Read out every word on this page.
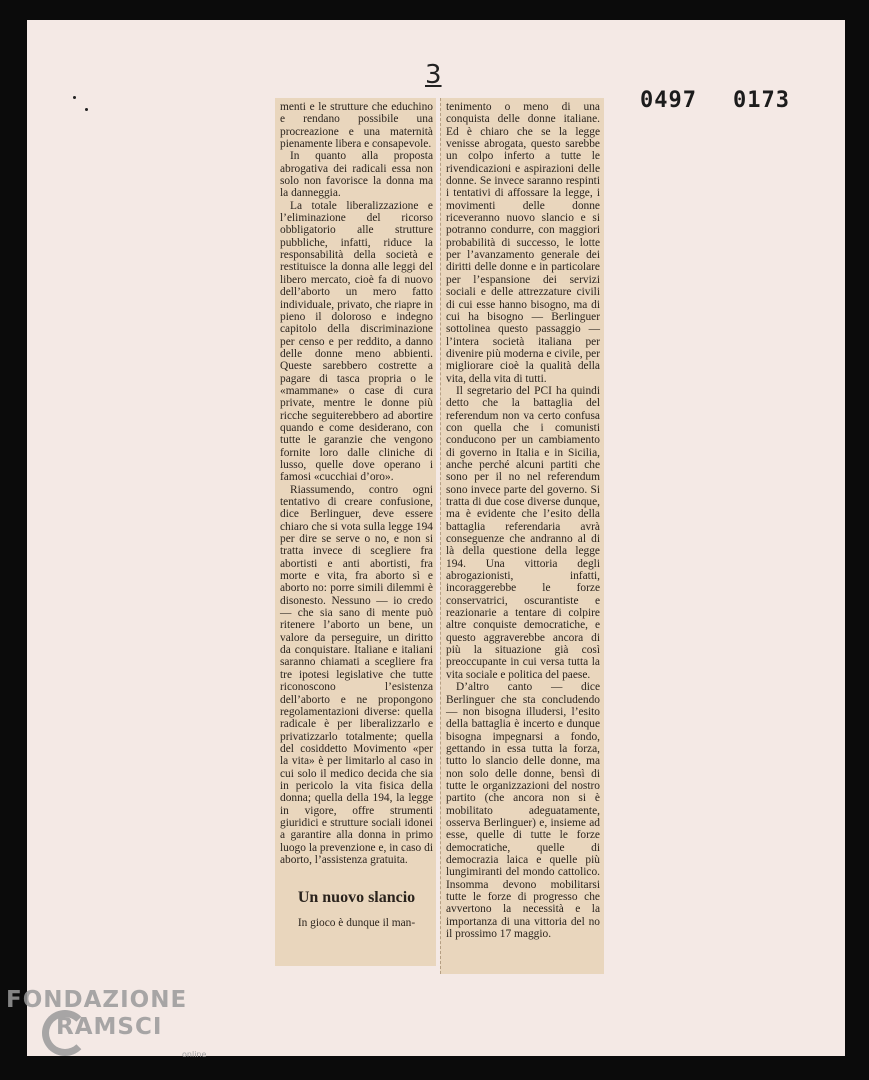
3
0497 0173

menti e le strutture che educhino e rendano possibile una procreazione e una maternità pienamente libera e consapevole.

In quanto alla proposta abrogativa dei radicali essa non solo non favorisce la donna ma la danneggia.

La totale liberalizzazione e l’eliminazione del ricorso obbligatorio alle strutture pubbliche, infatti, riduce la responsabilità della società e restituisce la donna alle leggi del libero mercato, cioè fa di nuovo dell’aborto un mero fatto individuale, privato, che riapre in pieno il doloroso e indegno capitolo della discriminazione per censo e per reddito, a danno delle donne meno abbienti. Queste sarebbero costrette a pagare di tasca propria o le «mammane» o case di cura private, mentre le donne più ricche seguiterebbero ad abortire quando e come desiderano, con tutte le garanzie che vengono fornite loro dalle cliniche di lusso, quelle dove operano i famosi «cucchiai d’oro».

Riassumendo, contro ogni tentativo di creare confusione, dice Berlinguer, deve essere chiaro che si vota sulla legge 194 per dire se serve o no, e non si tratta invece di scegliere fra abortisti e anti abortisti, fra morte e vita, fra aborto sì e aborto no: porre simili dilemmi è disonesto. Nessuno — io credo — che sia sano di mente può ritenere l’aborto un bene, un valore da perseguire, un diritto da conquistare. Italiane e italiani saranno chiamati a scegliere fra tre ipotesi legislative che tutte riconoscono l’esistenza dell’aborto e ne propongono regolamentazioni diverse: quella radicale è per liberalizzarlo e privatizzarlo totalmente; quella del cosiddetto Movimento «per la vita» è per limitarlo al caso in cui solo il medico decida che sia in pericolo la vita fisica della donna; quella della 194, la legge in vigore, offre strumenti giuridici e strutture sociali idonei a garantire alla donna in primo luogo la prevenzione e, in caso di aborto, l’assistenza gratuita.

Un nuovo slancio

In gioco è dunque il man-

tenimento o meno di una conquista delle donne italiane. Ed è chiaro che se la legge venisse abrogata, questo sarebbe un colpo inferto a tutte le rivendicazioni e aspirazioni delle donne. Se invece saranno respinti i tentativi di affossare la legge, i movimenti delle donne riceveranno nuovo slancio e si potranno condurre, con maggiori probabilità di successo, le lotte per l’avanzamento generale dei diritti delle donne e in particolare per l’espansione dei servizi sociali e delle attrezzature civili di cui esse hanno bisogno, ma di cui ha bisogno — Berlinguer sottolinea questo passaggio — l’intera società italiana per divenire più moderna e civile, per migliorare cioè la qualità della vita, della vita di tutti.

Il segretario del PCI ha quindi detto che la battaglia del referendum non va certo confusa con quella che i comunisti conducono per un cambiamento di governo in Italia e in Sicilia, anche perché alcuni partiti che sono per il no nel referendum sono invece parte del governo. Si tratta di due cose diverse dunque, ma è evidente che l’esito della battaglia referendaria avrà conseguenze che andranno al di là della questione della legge 194. Una vittoria degli abrogazionisti, infatti, incoraggerebbe le forze conservatrici, oscurantiste e reazionarie a tentare di colpire altre conquiste democratiche, e questo aggraverebbe ancora di più la situazione già così preoccupante in cui versa tutta la vita sociale e politica del paese.

D’altro canto — dice Berlinguer che sta concludendo — non bisogna illudersi, l’esito della battaglia è incerto e dunque bisogna impegnarsi a fondo, gettando in essa tutta la forza, tutto lo slancio delle donne, ma non solo delle donne, bensì di tutte le organizzazioni del nostro partito (che ancora non si è mobilitato adeguatamente, osserva Berlinguer) e, insieme ad esse, quelle di tutte le forze democratiche, quelle di democrazia laica e quelle più lungimiranti del mondo cattolico. Insomma devono mobilitarsi tutte le forze di progresso che avvertono la necessità e la importanza di una vittoria del no il prossimo 17 maggio.

FONDAZIONE
RAMSCI
online
